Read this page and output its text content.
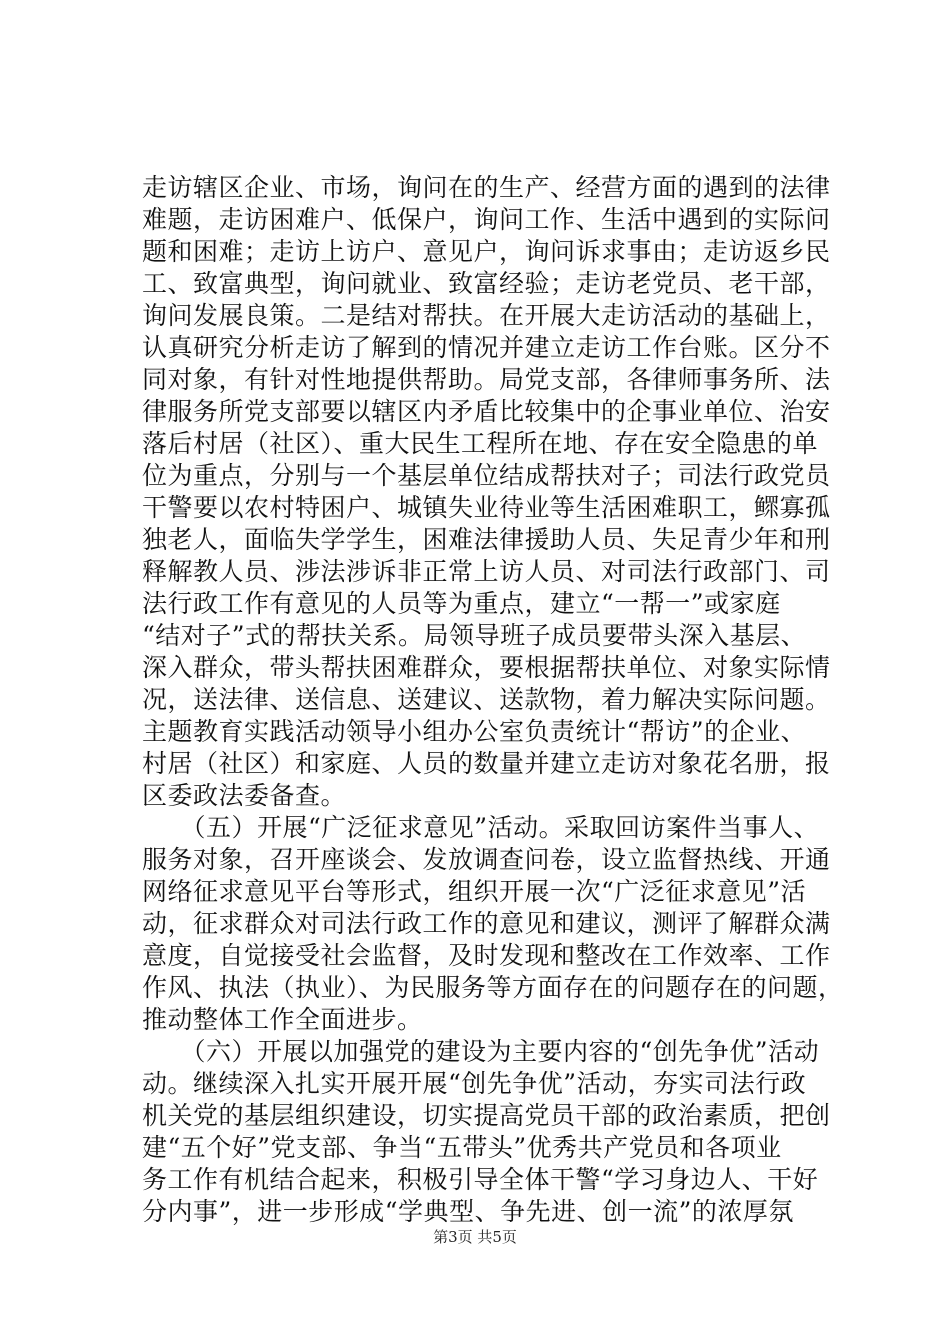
走访辖区企业、市场，询问在的生产、经营方面的遇到的法律
难题，走访困难户、低保户，询问工作、生活中遇到的实际问
题和困难；走访上访户、意见户，询问诉求事由；走访返乡民
工、致富典型，询问就业、致富经验；走访老党员、老干部，
询问发展良策。二是结对帮扶。在开展大走访活动的基础上，
认真研究分析走访了解到的情况并建立走访工作台账。区分不
同对象，有针对性地提供帮助。局党支部，各律师事务所、法
律服务所党支部要以辖区内矛盾比较集中的企事业单位、治安
落后村居（社区）、重大民生工程所在地、存在安全隐患的单
位为重点，分别与一个基层单位结成帮扶对子；司法行政党员
干警要以农村特困户、城镇失业待业等生活困难职工，鳏寡孤
独老人，面临失学学生，困难法律援助人员、失足青少年和刑
释解教人员、涉法涉诉非正常上访人员、对司法行政部门、司
法行政工作有意见的人员等为重点，建立“一帮一”或家庭
“结对子”式的帮扶关系。局领导班子成员要带头深入基层、
深入群众，带头帮扶困难群众，要根据帮扶单位、对象实际情
况，送法律、送信息、送建议、送款物，着力解决实际问题。
主题教育实践活动领导小组办公室负责统计“帮访”的企业、
村居（社区）和家庭、人员的数量并建立走访对象花名册，报
区委政法委备查。
　　（五）开展“广泛征求意见”活动。采取回访案件当事人、
服务对象，召开座谈会、发放调查问卷，设立监督热线、开通
网络征求意见平台等形式，组织开展一次“广泛征求意见”活
动，征求群众对司法行政工作的意见和建议，测评了解群众满
意度，自觉接受社会监督，及时发现和整改在工作效率、工作
作风、执法（执业）、为民服务等方面存在的问题存在的问题，
推动整体工作全面进步。
　　（六）开展以加强党的建设为主要内容的“创先争优”活动
动。继续深入扎实开展开展“创先争优”活动，夯实司法行政
机关党的基层组织建设，切实提高党员干部的政治素质，把创
建“五个好”党支部、争当“五带头”优秀共产党员和各项业
务工作有机结合起来，积极引导全体干警“学习身边人、干好
分内事”，进一步形成“学典型、争先进、创一流”的浓厚氛
第3页 共5页
